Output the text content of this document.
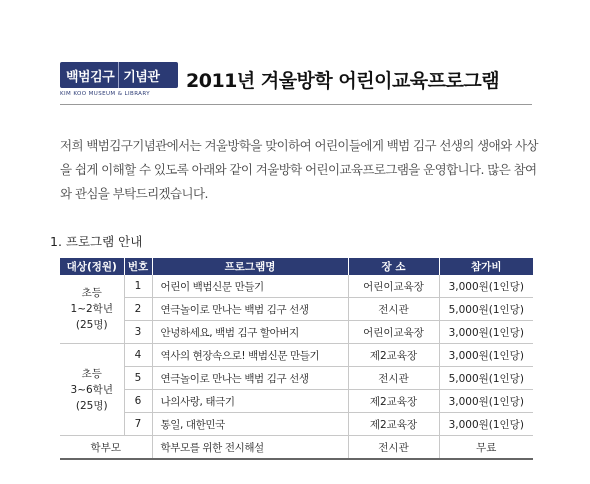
백범김구 기념관
KIM KOO MUSEUM & LIBRARY
2011년 겨울방학 어린이교육프로그램
저희 백범김구기념관에서는 겨울방학을 맞이하여 어린이들에게 백범 김구 선생의 생애와 사상을 쉽게 이해할 수 있도록 아래와 같이 겨울방학 어린이교육프로그램을 운영합니다. 많은 참여와 관심을 부탁드리겠습니다.
1. 프로그램 안내
대상(정원)	번호	프로그램명	장 소	참가비

초등
1~2학년
(25명)	1	어린이 백범신문 만들기	어린이교육장	3,000원(1인당)
	2	연극놀이로 만나는 백범 김구 선생	전시관	5,000원(1인당)
	3	안녕하세요, 백범 김구 할아버지	어린이교육장	3,000원(1인당)

초등
3~6학년
(25명)	4	역사의 현장속으로! 백범신문 만들기	제2교육장	3,000원(1인당)
	5	연극놀이로 만나는 백범 김구 선생	전시관	5,000원(1인당)
	6	나의사랑, 태극기	제2교육장	3,000원(1인당)
	7	통일, 대한민국	제2교육장	3,000원(1인당)
학부모		학부모를 위한 전시해설	전시관	무료
